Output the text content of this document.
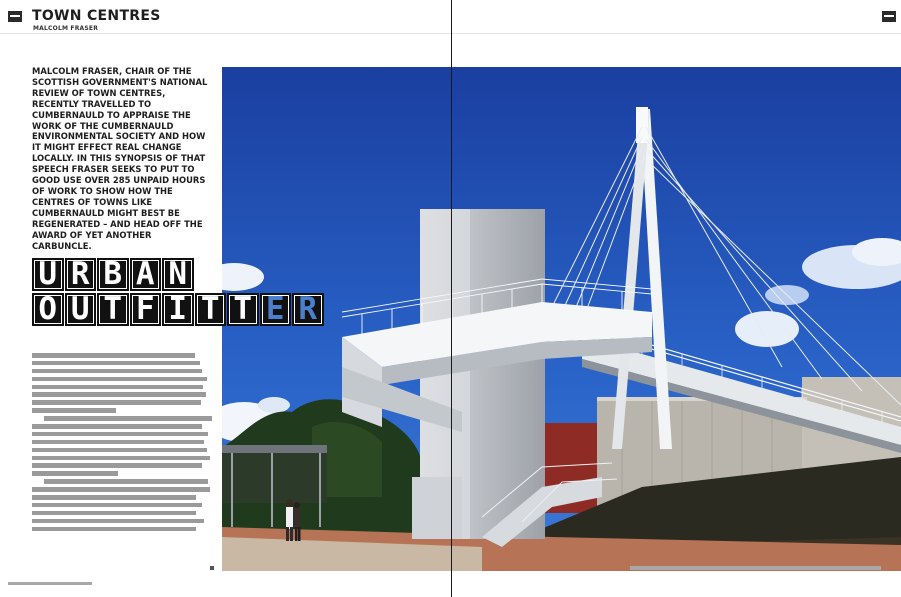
TOWN CENTRES
MALCOLM FRASER

MALCOLM FRASER, CHAIR OF THE SCOTTISH GOVERNMENT'S NATIONAL REVIEW OF TOWN CENTRES, RECENTLY TRAVELLED TO CUMBERNAULD TO APPRAISE THE WORK OF THE CUMBERNAULD ENVIRONMENTAL SOCIETY AND HOW IT MIGHT EFFECT REAL CHANGE LOCALLY. IN THIS SYNOPSIS OF THAT SPEECH FRASER SEEKS TO PUT TO GOOD USE OVER 285 UNPAID HOURS OF WORK TO SHOW HOW THE CENTRES OF TOWNS LIKE CUMBERNAULD MIGHT BEST BE REGENERATED – AND HEAD OFF THE AWARD OF YET ANOTHER CARBUNCLE.

U R B A N
O U T F I T T E R
